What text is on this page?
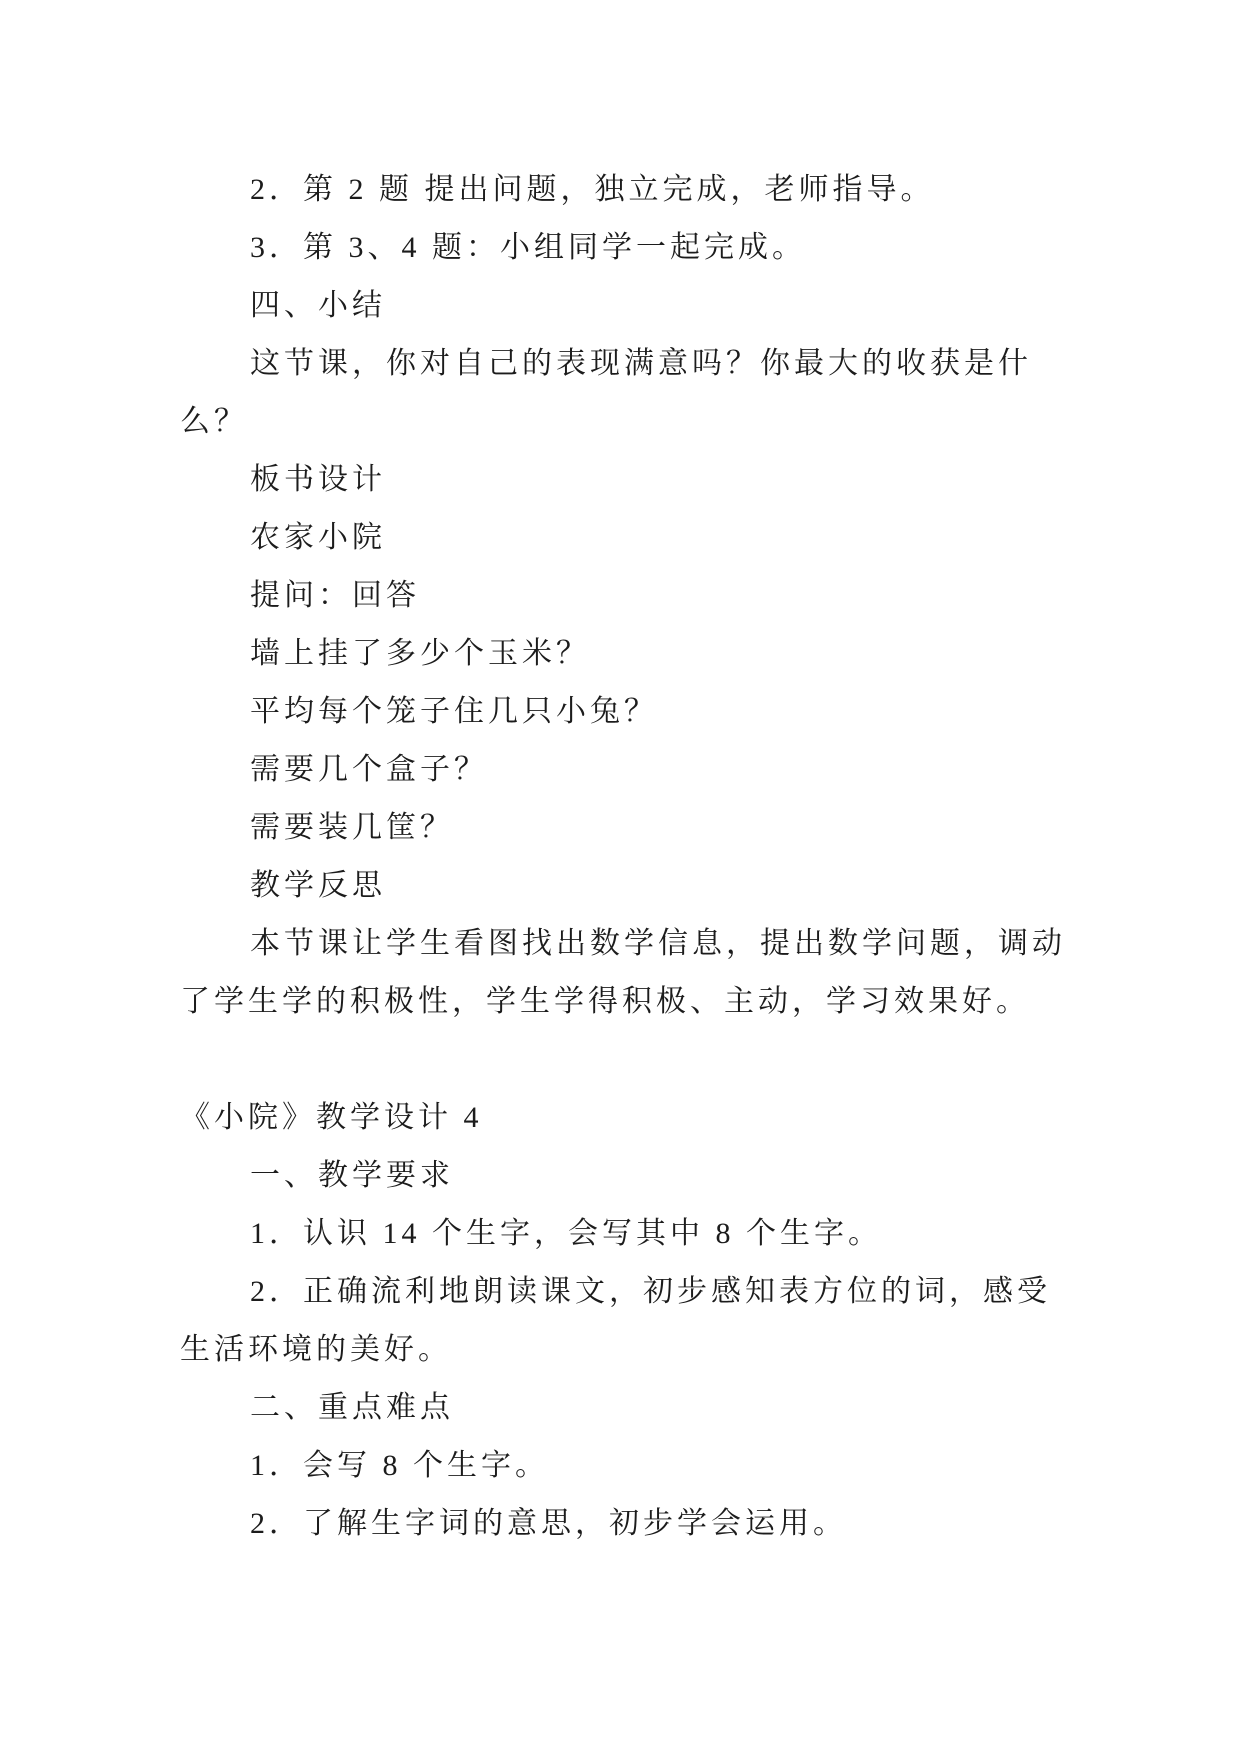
2．第 2 题 提出问题，独立完成，老师指导。
3．第 3、4 题：小组同学一起完成。
四、小结
这节课，你对自己的表现满意吗？你最大的收获是什
么？
板书设计
农家小院
提问：回答
墙上挂了多少个玉米？
平均每个笼子住几只小兔？
需要几个盒子？
需要装几筐？
教学反思
本节课让学生看图找出数学信息，提出数学问题，调动
了学生学的积极性，学生学得积极、主动，学习效果好。
《小院》教学设计 4
一、教学要求
1．认识 14 个生字，会写其中 8 个生字。
2．正确流利地朗读课文，初步感知表方位的词，感受
生活环境的美好。
二、重点难点
1．会写 8 个生字。
2．了解生字词的意思，初步学会运用。
